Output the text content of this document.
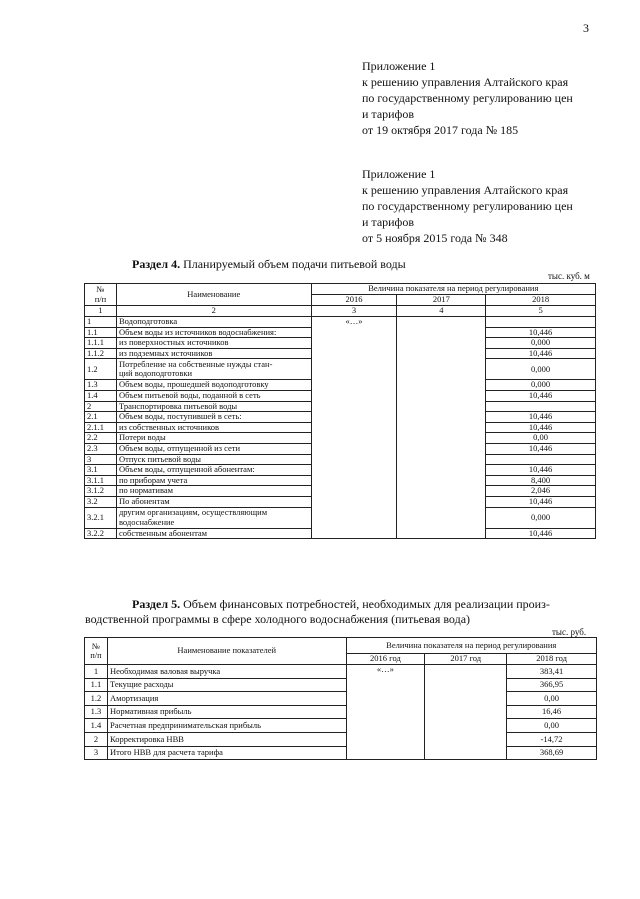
3
Приложение 1
к решению управления Алтайского края
по государственному регулированию цен
и тарифов
от 19 октября 2017 года № 185
Приложение 1
к решению управления Алтайского края
по государственному регулированию цен
и тарифов
от 5 ноября 2015 года № 348
Раздел 4. Планируемый объем подачи питьевой воды
тыс. куб. м
№
п/п	Наименование	Величина показателя на период регулирования		
		2016	2017	2018
1	2	3	4	5
1	Водоподготовка	«…»		
1.1	Объем воды из источников водоснабжения:			10,446
1.1.1	из поверхностных источников			0,000
1.1.2	из подземных источников			10,446
1.2	Потребление на собственные нужды стан-
ций водоподготовки			0,000
1.3	Объем воды, прошедшей водоподготовку			0,000
1.4	Объем питьевой воды, поданной в сеть			10,446
2	Транспортировка питьевой воды			
2.1	Объем воды, поступившей в сеть:			10,446
2.1.1	из собственных источников			10,446
2.2	Потери воды			0,00
2.3	Объем воды, отпущенной из сети			10,446
3	Отпуск питьевой воды			
3.1	Объем воды, отпущенной абонентам:			10,446
3.1.1	по приборам учета			8,400
3.1.2	по нормативам			2,046
3.2	По абонентам			10,446
3.2.1	другим организациям, осуществляющим
водоснабжение			0,000
3.2.2	собственным абонентам			10,446
Раздел 5. Объем финансовых потребностей, необходимых для реализации произ-
водственной программы в сфере холодного водоснабжения (питьевая вода)
тыс. руб.
№
п/п	Наименование показателей	Величина показателя на период регулирования		
		2016 год	2017 год	2018 год
1	Необходимая валовая выручка	«…»		383,41
1.1	Текущие расходы			366,95
1.2	Амортизация			0,00
1.3	Нормативная прибыль			16,46
1.4	Расчетная предпринимательская прибыль			0,00
2	Корректировка НВВ			-14,72
3	Итого НВВ для расчета тарифа			368,69
